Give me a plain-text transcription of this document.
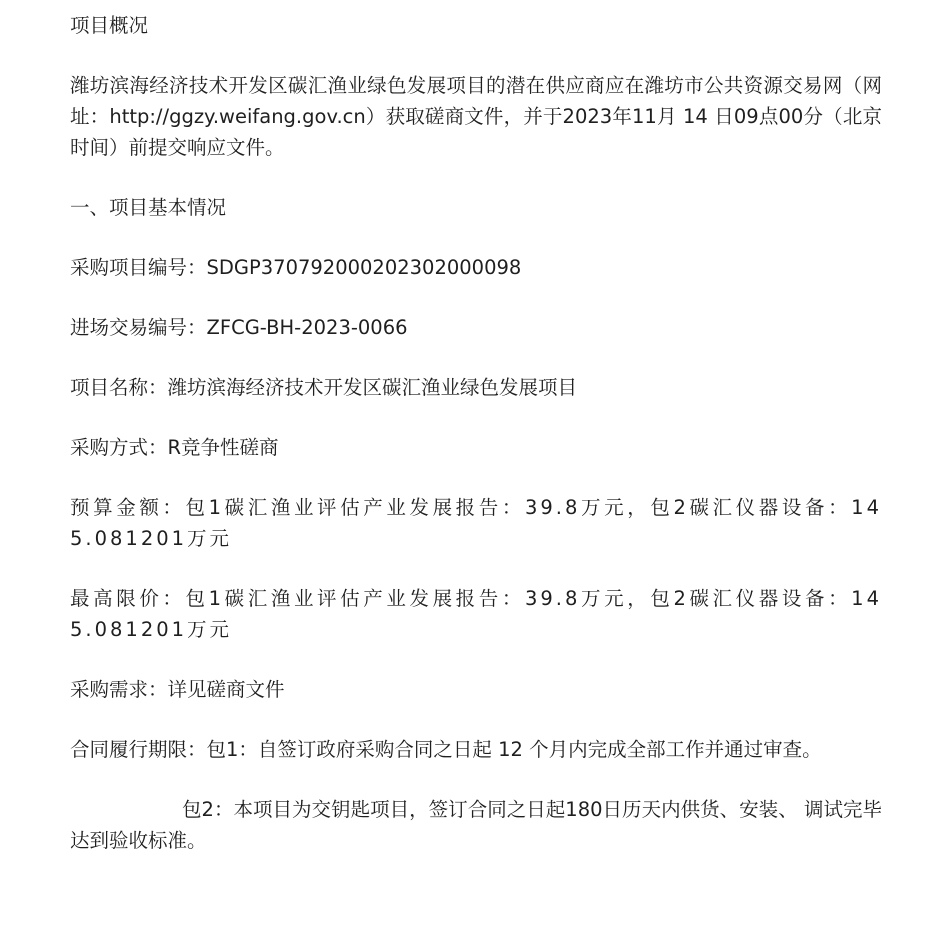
项目概况

潍坊滨海经济技术开发区碳汇渔业绿色发展项目的潜在供应商应在潍坊市公共资源交易网（网址：http://ggzy.weifang.gov.cn）获取磋商文件，并于2023年11月 14 日09点00分（北京时间）前提交响应文件。

一、项目基本情况

采购项目编号：SDGP370792000202302000098

进场交易编号：ZFCG-BH-2023-0066

项目名称：潍坊滨海经济技术开发区碳汇渔业绿色发展项目

采购方式：R竞争性磋商

预算金额：包1碳汇渔业评估产业发展报告：39.8万元，包2碳汇仪器设备：145.081201万元

最高限价：包1碳汇渔业评估产业发展报告：39.8万元，包2碳汇仪器设备：145.081201万元

采购需求：详见磋商文件

合同履行期限：包1：自签订政府采购合同之日起 12 个月内完成全部工作并通过审查。

包2：本项目为交钥匙项目，签订合同之日起180日历天内供货、安装、 调试完毕达到验收标准。
